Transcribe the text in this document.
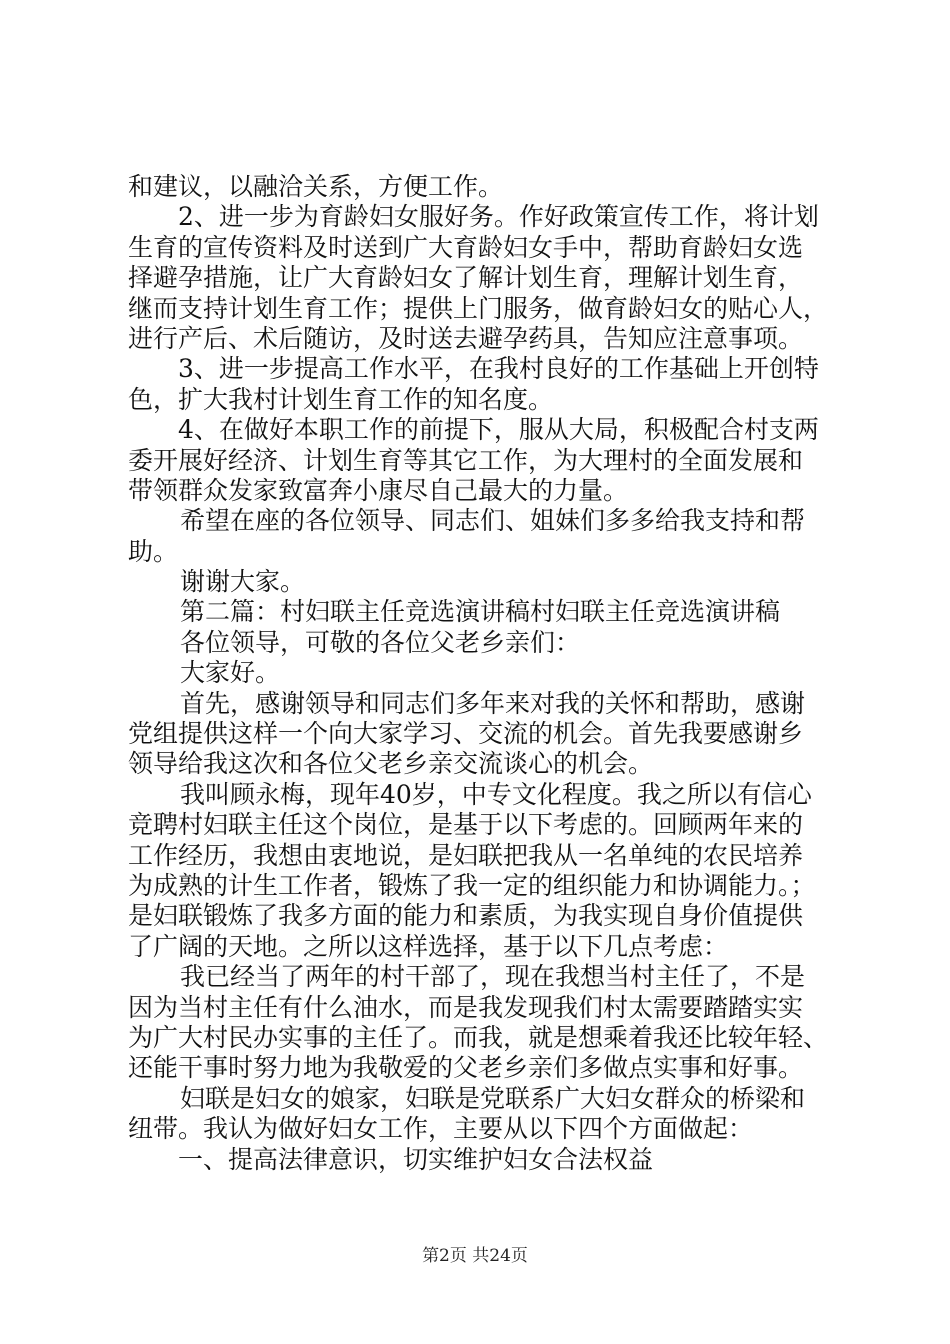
和建议，以融洽关系，方便工作。
2、进一步为育龄妇女服好务。作好政策宣传工作，将计划
生育的宣传资料及时送到广大育龄妇女手中，帮助育龄妇女选
择避孕措施，让广大育龄妇女了解计划生育，理解计划生育，
继而支持计划生育工作；提供上门服务，做育龄妇女的贴心人，
进行产后、术后随访，及时送去避孕药具，告知应注意事项。
3、进一步提高工作水平，在我村良好的工作基础上开创特
色，扩大我村计划生育工作的知名度。
4、在做好本职工作的前提下，服从大局，积极配合村支两
委开展好经济、计划生育等其它工作，为大理村的全面发展和
带领群众发家致富奔小康尽自己最大的力量。
希望在座的各位领导、同志们、姐妹们多多给我支持和帮
助。
谢谢大家。
第二篇：村妇联主任竞选演讲稿村妇联主任竞选演讲稿
各位领导，可敬的各位父老乡亲们：
大家好。
首先，感谢领导和同志们多年来对我的关怀和帮助，感谢
党组提供这样一个向大家学习、交流的机会。首先我要感谢乡
领导给我这次和各位父老乡亲交流谈心的机会。
我叫顾永梅，现年40岁，中专文化程度。我之所以有信心
竞聘村妇联主任这个岗位，是基于以下考虑的。回顾两年来的
工作经历，我想由衷地说，是妇联把我从一名单纯的农民培养
为成熟的计生工作者，锻炼了我一定的组织能力和协调能力。；
是妇联锻炼了我多方面的能力和素质，为我实现自身价值提供
了广阔的天地。之所以这样选择，基于以下几点考虑：
我已经当了两年的村干部了，现在我想当村主任了，不是
因为当村主任有什么油水，而是我发现我们村太需要踏踏实实
为广大村民办实事的主任了。而我，就是想乘着我还比较年轻、
还能干事时努力地为我敬爱的父老乡亲们多做点实事和好事。
妇联是妇女的娘家，妇联是党联系广大妇女群众的桥梁和
纽带。我认为做好妇女工作，主要从以下四个方面做起：
一、提高法律意识，切实维护妇女合法权益
第2页 共24页
